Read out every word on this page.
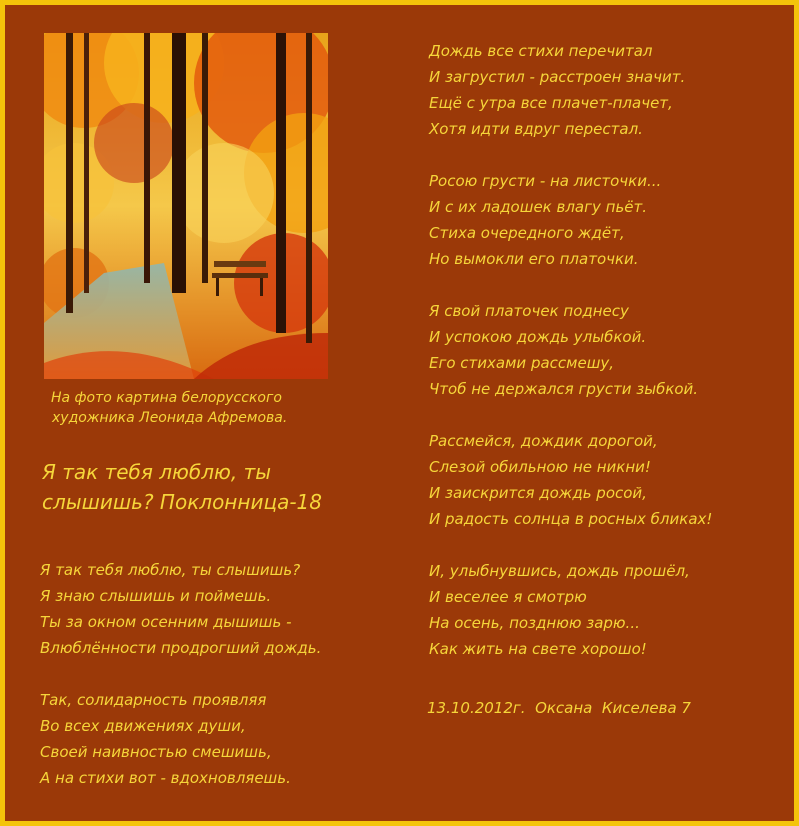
На фото картина белорусского
художника Леонида Афремова.
Я так тебя люблю, ты
слышишь? Поклонница-18
Я так тебя люблю, ты слышишь?
Я знаю слышишь и поймешь.
Ты за окном осенним дышишь -
Влюблённости продрогший дождь.
Так, солидарность проявляя
Во всех движениях души,
Своей наивностью смешишь,
А на стихи вот - вдохновляешь.
Дождь все стихи перечитал
И загрустил - расстроен значит.
Ещё с утра все плачет-плачет,
Хотя идти вдруг перестал.
Росою грусти - на листочки...
И с их ладошек влагу пьёт.
Стиха очередного ждёт,
Но вымокли его платочки.
Я свой платочек поднесу
И успокою дождь улыбкой.
Его стихами рассмешу,
Чтоб не держался грусти зыбкой.
Рассмейся, дождик дорогой,
Слезой обильною не никни!
И заискрится дождь росой,
И радость солнца в росных бликах!
И, улыбнувшись, дождь прошёл,
И веселее я смотрю
На осень, позднюю зарю...
Как жить на свете хорошо!
13.10.2012г.  Оксана  Киселева 7
